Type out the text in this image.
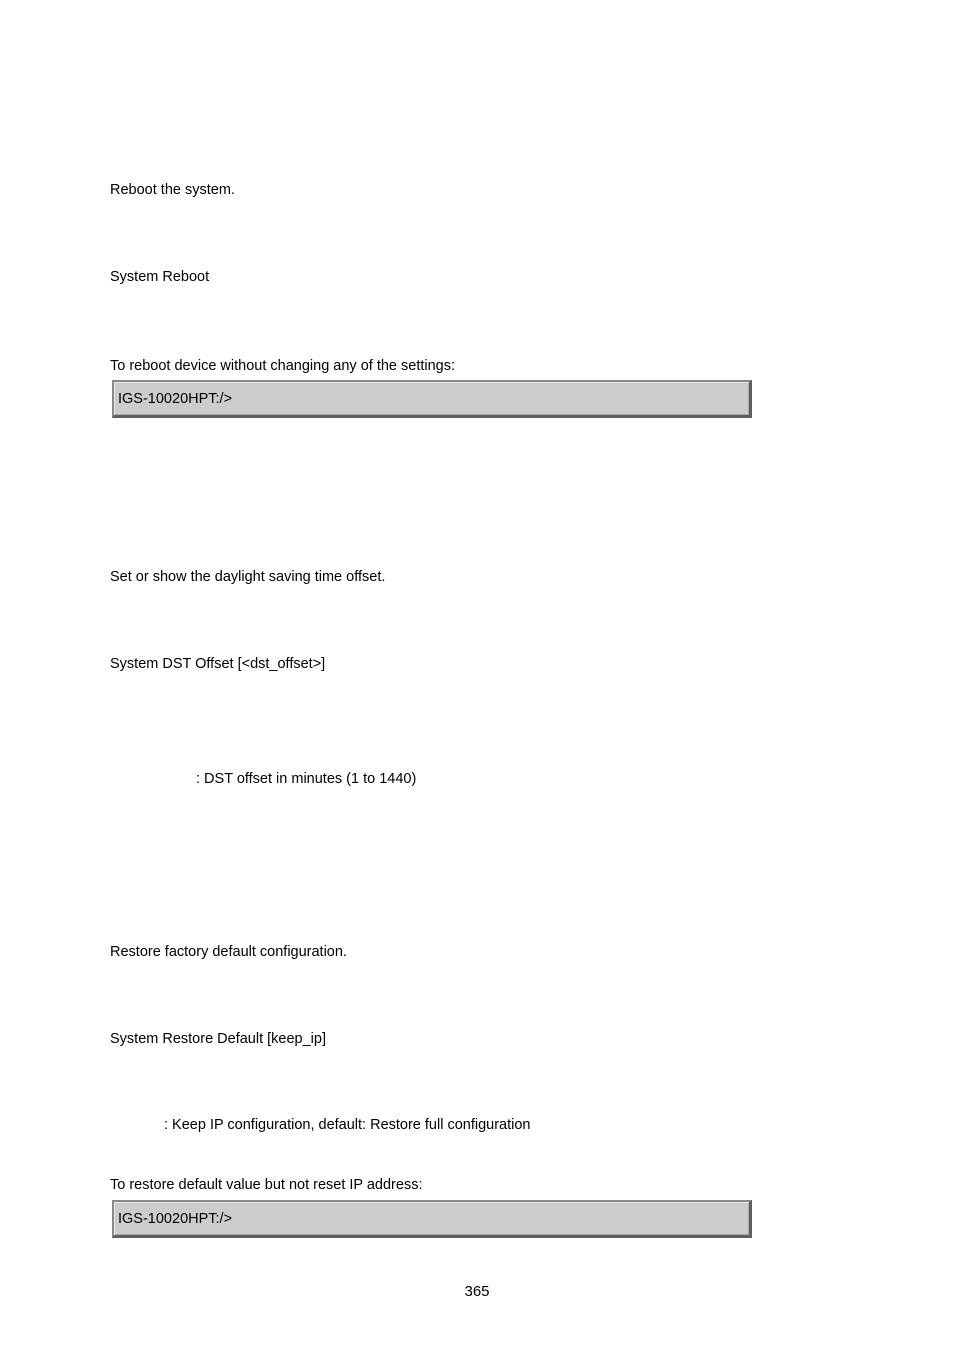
Reboot the system.
System Reboot
To reboot device without changing any of the settings:
IGS-10020HPT:/>
Set or show the daylight saving time offset.
System DST Offset [<dst_offset>]
: DST offset in minutes (1 to 1440)
Restore factory default configuration.
System Restore Default [keep_ip]
: Keep IP configuration, default: Restore full configuration
To restore default value but not reset IP address:
IGS-10020HPT:/>
365
